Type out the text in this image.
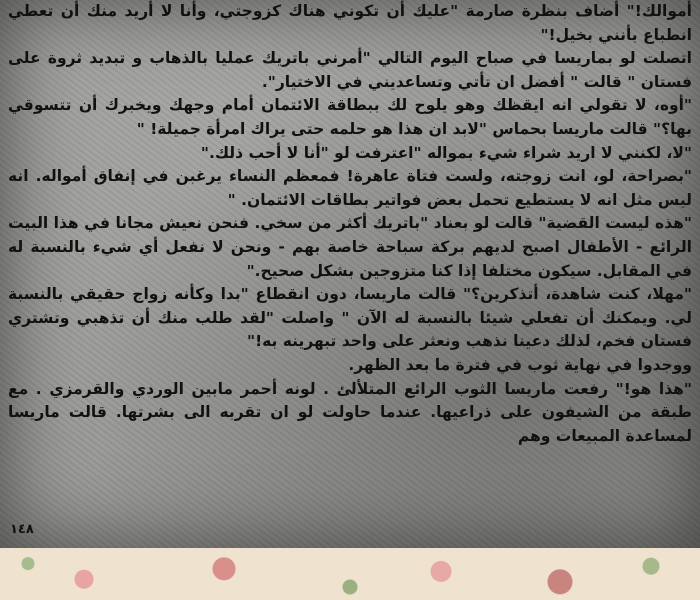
أموالك!" أضاف بنظرة صارمة "عليك أن تكوني هناك كزوجتي، وأنا لا أريد منك أن تعطي انطباع بأنني بخيل!"

اتصلت لو بماريسا في صباح اليوم التالي "أمرني باتريك عمليا بالذهاب و تبديد ثروة على فستان " قالت " أفضل ان تأتي وتساعديني في الاختيار".

"أوه، لا تقولي انه ايقظك وهو يلوح لك ببطاقة الائتمان أمام وجهك ويخبرك أن تتسوقي بها؟" قالت ماريسا بحماس "لابد ان هذا هو حلمه حتى يراك امرأة جميلة! "

"لا، لكنني لا اريد شراء شيء بمواله "اعترفت لو "أنا لا أحب ذلك."

"بصراحة، لو، انت زوجته، ولست فتاة عاهرة! فمعظم النساء يرغبن في إنفاق أمواله. انه ليس مثل انه لا يستطيع تحمل بعض فواتير بطاقات الائتمان. "

"هذه ليست القضية" قالت لو بعناد "باتريك أكثر من سخي. فنحن نعيش مجانا في هذا البيت الرائع - الأطفال اصبح لديهم بركة سباحة خاصة بهم - ونحن لا نفعل أي شيء بالنسبة له في المقابل. سيكون مختلفا إذا كنا متزوجين بشكل صحيح."

"مهلا، كنت شاهدة، أتذكرين؟" قالت ماريسا، دون انقطاع "بدا وكأنه زواج حقيقي بالنسبة لي. ويمكنك أن تفعلي شيئا بالنسبة له الآن " واصلت "لقد طلب منك أن تذهبي وتشتري فستان فخم، لذلك دعينا نذهب ونعثر على واحد تبهرينه به!"

ووجدوا في نهاية ثوب في فترة ما بعد الظهر.

"هذا هو!" رفعت ماريسا الثوب الرائع المتلألئ . لونه أحمر مابين الوردي والقرمزي . مع طبقة من الشيفون على ذراعيها. عندما حاولت لو ان تقربه الى بشرتها. قالت ماريسا لمساعدة المبيعات وهم

١٤٨
